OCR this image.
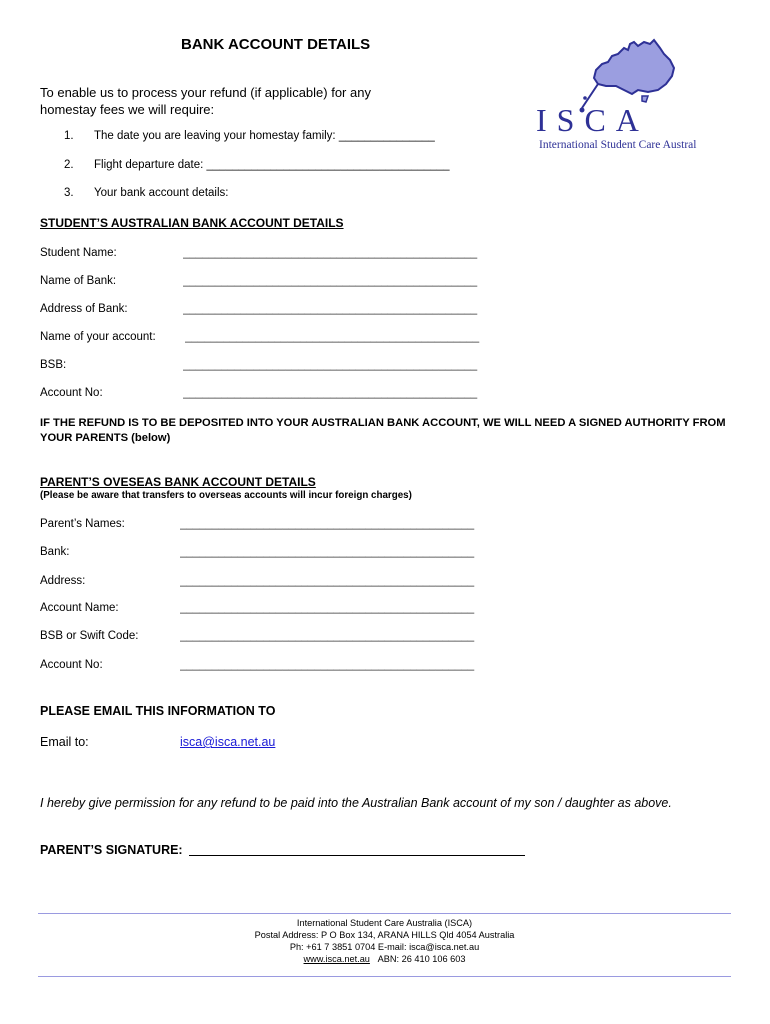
BANK ACCOUNT DETAILS
To enable us to process your refund (if applicable) for any homestay fees we will require:
1. The date you are leaving your homestay family: _______________
2. Flight departure date: ______________________________________
3. Your bank account details:
ISCA
International Student Care Austral
STUDENT’S AUSTRALIAN BANK ACCOUNT DETAILS
Student Name:	______________________________________________
Name of Bank:	______________________________________________
Address of Bank:	______________________________________________
Name of your account:	______________________________________________
BSB:	______________________________________________
Account No:	______________________________________________
IF THE REFUND IS TO BE DEPOSITED INTO YOUR AUSTRALIAN BANK ACCOUNT, WE WILL NEED A SIGNED AUTHORITY FROM YOUR PARENTS (below)
PARENT’S OVESEAS BANK ACCOUNT DETAILS
(Please be aware that transfers to overseas accounts will incur foreign charges)
Parent’s Names:	______________________________________________
Bank:	______________________________________________
Address:	______________________________________________
Account Name:	______________________________________________
BSB or Swift Code:	______________________________________________
Account No:	______________________________________________
PLEASE EMAIL THIS INFORMATION TO
Email to:	isca@isca.net.au
I hereby give permission for any refund to be paid into the Australian Bank account of my son / daughter as above.
PARENT’S SIGNATURE:
International Student Care Australia (ISCA)
Postal Address: P O Box 134, ARANA HILLS Qld 4054 Australia
Ph: +61 7 3851 0704 E-mail: isca@isca.net.au
www.isca.net.au ABN: 26 410 106 603
